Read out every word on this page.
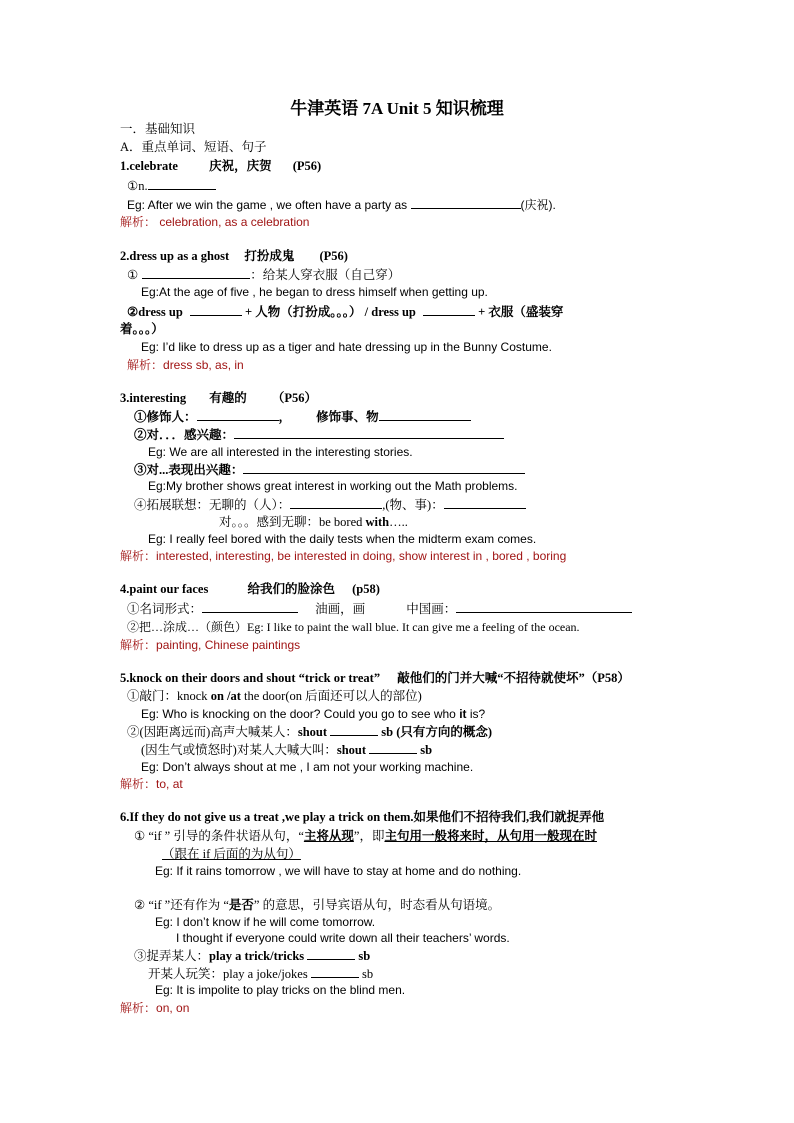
牛津英语 7A Unit 5 知识梳理
一．基础知识
A．重点单词、短语、句子
1.celebrate 庆祝，庆贺 (P56)
①n.
Eg: After we win the game , we often have a party as	(庆祝).
解析： celebration, as a celebration
2.dress up as a ghost 打扮成鬼 (P56)
①	：给某人穿衣服（自己穿）
Eg:At the age of five , he began to dress himself when getting up.
②dress up	+ 人物（打扮成。。。） / dress up	+ 衣服（盛装穿
着。。。）
Eg: I’d like to dress up as a tiger and hate dressing up in the Bunny Costume.
解析：dress sb, as, in
3.interesting 有趣的 （P56）
①修饰人：	， 修饰事、物
②对．．．感兴趣：
Eg: We are all interested in the interesting stories.
③对...表现出兴趣：
Eg:My brother shows great interest in working out the Math problems.
④拓展联想：无聊的（人）：	,(物、事)：
对。。。感到无聊：be bored with…..
Eg: I really feel bored with the daily tests when the midterm exam comes.
解析：interested, interesting, be interested in doing, show interest in , bored , boring
4.paint our faces	给我们的脸涂色 (p58)
①名词形式：	油画，画	中国画：
②把…涂成…（颜色）Eg: I like to paint the wall blue. It can give me a feeling of the ocean.
解析：painting, Chinese paintings
5.knock on their doors and shout “trick or treat” 敲他们的门并大喊“不招待就使坏”（P58）
①敲门：knock on /at the door(on 后面还可以人的部位)
Eg: Who is knocking on the door? Could you go to see who it is?
②(因距离远而)高声大喊某人：shout	sb (只有方向的概念)
(因生气或愤怒时)对某人大喊大叫：shout	sb
Eg: Don’t always shout at me , I am not your working machine.
解析：to, at
6.If they do not give us a treat ,we play a trick on them.如果他们不招待我们,我们就捉弄他
① “if ” 引导的条件状语从句，“主将从现”，即主句用一般将来时，从句用一般现在时
（跟在 if 后面的为从句）
Eg: If it rains tomorrow , we will have to stay at home and do nothing.
② “if ”还有作为 “是否” 的意思，引导宾语从句，时态看从句语境。
Eg: I don’t know if he will come tomorrow.
I thought if everyone could write down all their teachers’ words.
③捉弄某人：play a trick/tricks	sb
开某人玩笑：play a joke/jokes	sb
Eg: It is impolite to play tricks on the blind men.
解析：on, on
